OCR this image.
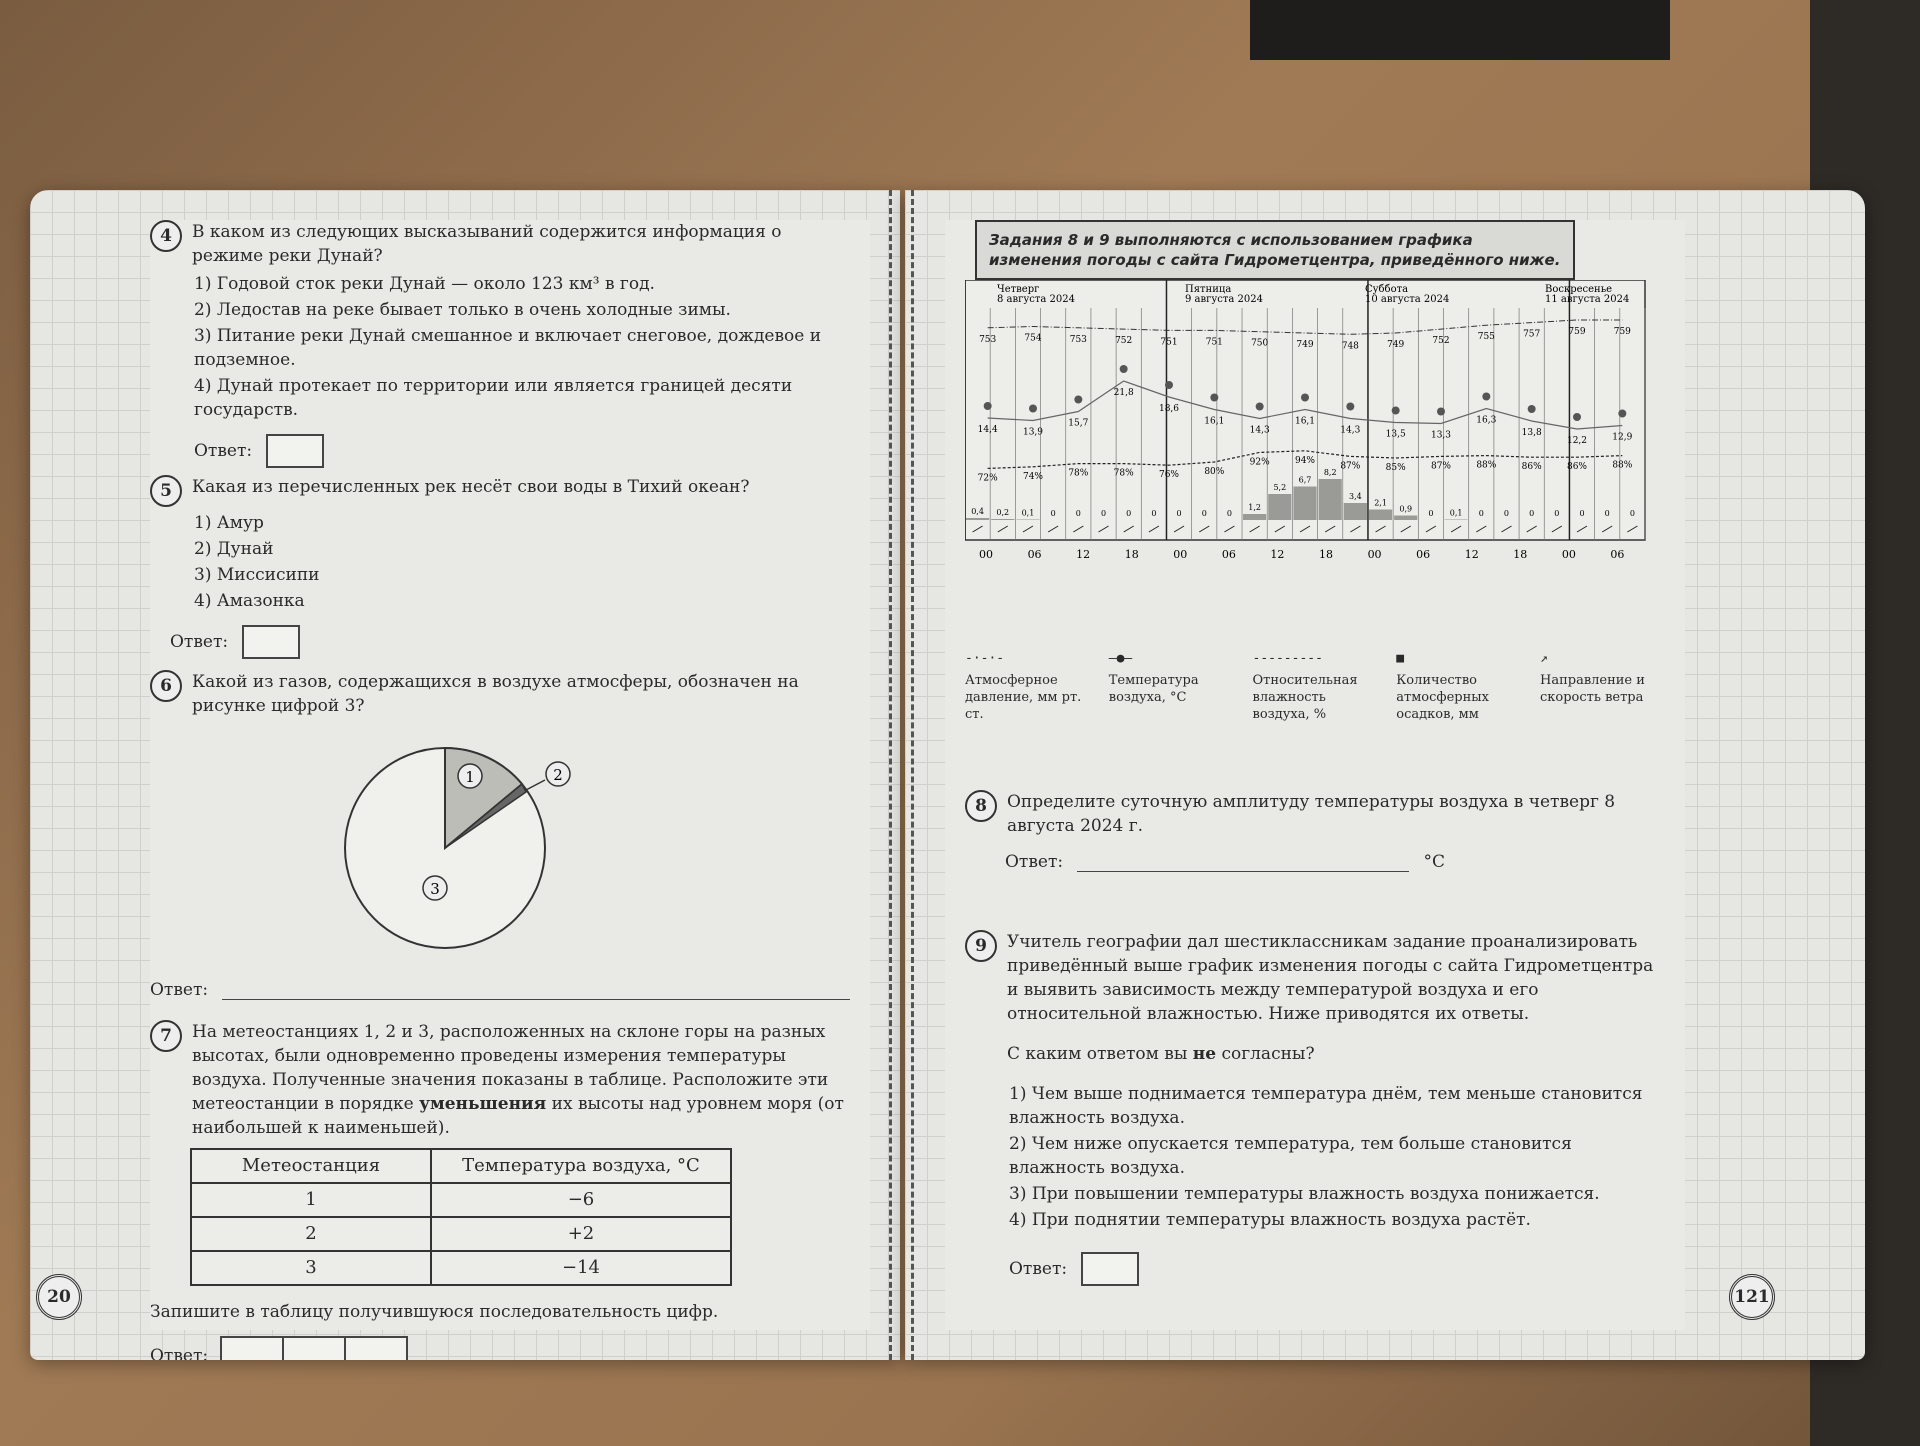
4	В каком из следующих высказываний содержится информация о режиме реки Дунай?
1) Годовой сток реки Дунай — около 123 км³ в год.
2) Ледостав на реке бывает только в очень холодные зимы.
3) Питание реки Дунай смешанное и включает снеговое, дождевое и подземное.
4) Дунай протекает по территории или является границей десяти государств.
Ответ:
5	Какая из перечисленных рек несёт свои воды в Тихий океан?
1) Амур
2) Дунай
3) Миссисипи
4) Амазонка
Ответ:
6	Какой из газов, содержащихся в воздухе атмосферы, обозначен на рисунке цифрой 3?
1	2
3
Ответ:
7	На метеостанциях 1, 2 и 3, расположенных на склоне горы на разных высотах, были одновременно проведены измерения температуры воздуха. Полученные значения показаны в таблице. Расположите эти метеостанции в порядке уменьшения их высоты над уровнем моря (от наибольшей к наименьшей).
Метеостанция	Температура воздуха, °С
1	−6
2	+2
3	−14
Запишите в таблицу получившуюся последовательность цифр.
Ответ:
20
Задания 8 и 9 выполняются с использованием графика изменения погоды с сайта Гидрометцентра, приведённого ниже.
Четверг
8 августа 2024
Пятница
9 августа 2024
Суббота
10 августа 2024
Воскресенье
11 августа 2024
753	754	753	752	751	751	750	749	748	749	752	755	757	759	759
14,4	13,9
15,7
21,8
18,6
16,1
14,3
16,1
14,3	13,5	13,3
16,3
13,8
12,2	12,9
72%	74%	78%	78%	76%	80%
92%	94%
87%	85%	87%	88%	86%	86%	88%
0,4 0,2 0,1 0	0	0	0	0	0	0	0
1,2
5,2
6,7
8,2
3,4
2,1
0,9 0 0,1 0	0	0	0	0	0	0
00	06	12	18	00	06	12	18	00	06	12	18	00	06
-·-·-
Атмосферное давление, мм рт. ст.
—●—
Температура воздуха, °С
---------
Относительная влажность воздуха, %
■
Количество атмосферных осадков, мм
↗
Направление и скорость ветра
8	Определите суточную амплитуду температуры воздуха в четверг 8 августа 2024 г.
Ответ:	°С
9	Учитель географии дал шестиклассникам задание проанализировать приведённый выше график изменения погоды с сайта Гидрометцентра и выявить зависимость между температурой воздуха и его относительной влажностью. Ниже приводятся их ответы.
С каким ответом вы не согласны?
1) Чем выше поднимается температура днём, тем меньше становится влажность воздуха.
2) Чем ниже опускается температура, тем больше становится влажность воздуха.
3) При повышении температуры влажность воздуха понижается.
4) При поднятии температуры влажность воздуха растёт.
Ответ:
121
